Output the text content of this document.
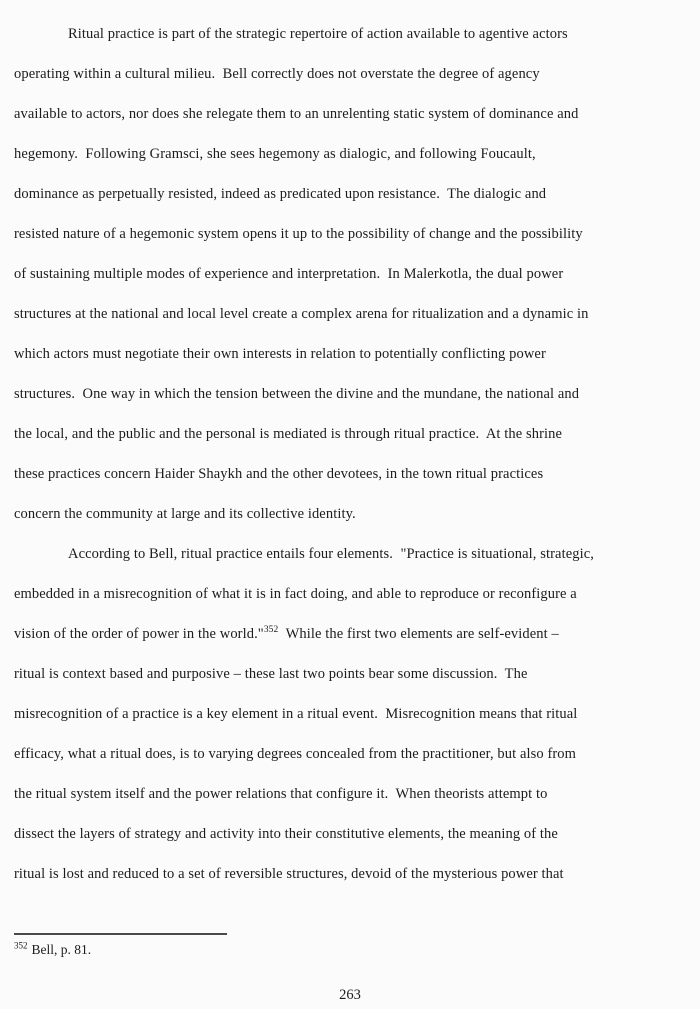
Ritual practice is part of the strategic repertoire of action available to agentive actors
operating within a cultural milieu.  Bell correctly does not overstate the degree of agency
available to actors, nor does she relegate them to an unrelenting static system of dominance and
hegemony.  Following Gramsci, she sees hegemony as dialogic, and following Foucault,
dominance as perpetually resisted, indeed as predicated upon resistance.  The dialogic and
resisted nature of a hegemonic system opens it up to the possibility of change and the possibility
of sustaining multiple modes of experience and interpretation.  In Malerkotla, the dual power
structures at the national and local level create a complex arena for ritualization and a dynamic in
which actors must negotiate their own interests in relation to potentially conflicting power
structures.  One way in which the tension between the divine and the mundane, the national and
the local, and the public and the personal is mediated is through ritual practice.  At the shrine
these practices concern Haider Shaykh and the other devotees, in the town ritual practices
concern the community at large and its collective identity.
According to Bell, ritual practice entails four elements.  "Practice is situational, strategic,
embedded in a misrecognition of what it is in fact doing, and able to reproduce or reconfigure a
vision of the order of power in the world."$^{352}$  While the first two elements are self-evident –
ritual is context based and purposive – these last two points bear some discussion.  The
misrecognition of a practice is a key element in a ritual event.  Misrecognition means that ritual
efficacy, what a ritual does, is to varying degrees concealed from the practitioner, but also from
the ritual system itself and the power relations that configure it.  When theorists attempt to
dissect the layers of strategy and activity into their constitutive elements, the meaning of the
ritual is lost and reduced to a set of reversible structures, devoid of the mysterious power that
$^{352}$ Bell, p. 81.
263
